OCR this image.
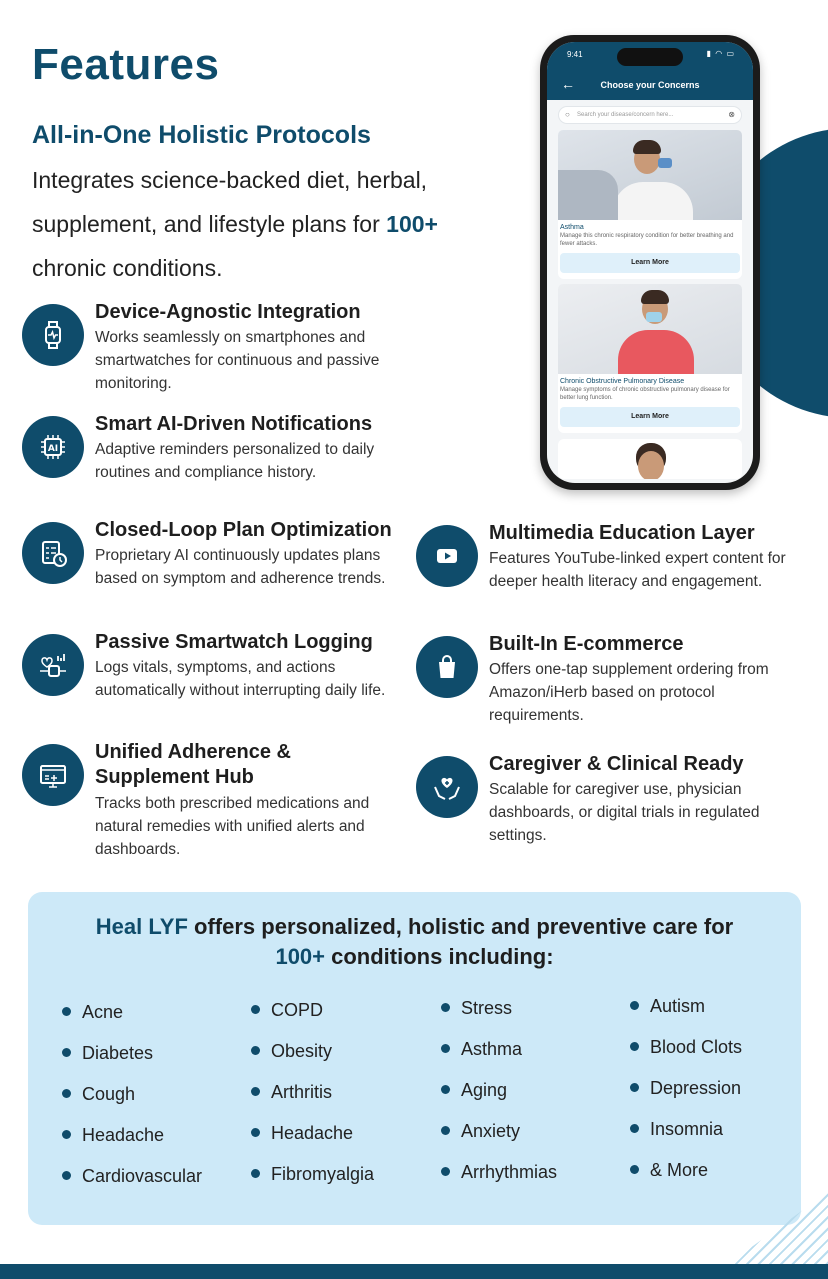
Features
All-in-One Holistic Protocols
Integrates science-backed diet, herbal, supplement, and lifestyle plans for 100+ chronic conditions.
9:41	▮ ◠ ▭
←	Choose your Concerns
○ Search your disease/concern here...	⊗
Asthma
Manage this chronic respiratory condition for better breathing and fewer attacks.
Learn More
Chronic Obstructive Pulmonary Disease
Manage symptoms of chronic obstructive pulmonary disease for better lung function.
Learn More
Device-Agnostic Integration
Works seamlessly on smartphones and smartwatches for continuous and passive monitoring.
AI
Smart AI-Driven Notifications
Adaptive reminders personalized to daily routines and compliance history.
Closed-Loop Plan Optimization
Proprietary AI continuously updates plans based on symptom and adherence trends.
Passive Smartwatch Logging
Logs vitals, symptoms, and actions automatically without interrupting daily life.
Unified Adherence & Supplement Hub
Tracks both prescribed medications and natural remedies with unified alerts and dashboards.
Multimedia Education Layer
Features YouTube-linked expert content for deeper health literacy and engagement.
Built-In E-commerce
Offers one-tap supplement ordering from Amazon/iHerb based on protocol requirements.
Caregiver & Clinical Ready
Scalable for caregiver use, physician dashboards, or digital trials in regulated settings.
Heal LYF offers personalized, holistic and preventive care for
100+ conditions including:
Acne
Diabetes
Cough
Headache
Cardiovascular
COPD
Obesity
Arthritis
Headache
Fibromyalgia
Stress
Asthma
Aging
Anxiety
Arrhythmias
Autism
Blood Clots
Depression
Insomnia
& More
